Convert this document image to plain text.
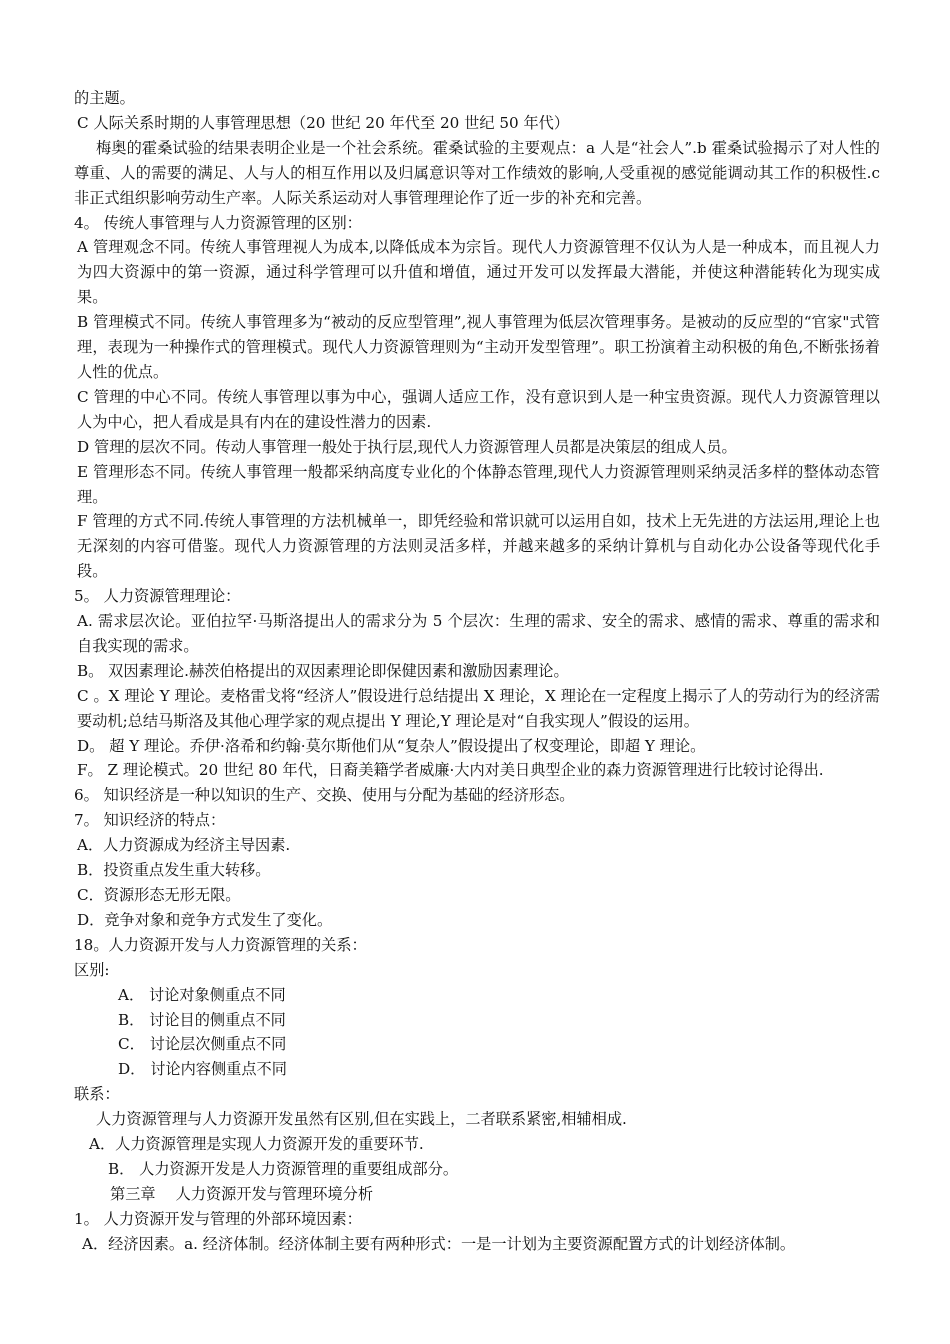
的主题。

C 人际关系时期的人事管理思想（20 世纪 20 年代至 20 世纪 50 年代）

梅奥的霍桑试验的结果表明企业是一个社会系统。霍桑试验的主要观点：a 人是“社会人”.b 霍桑试验揭示了对人性的尊重、人的需要的满足、人与人的相互作用以及归属意识等对工作绩效的影响,人受重视的感觉能调动其工作的积极性.c 非正式组织影响劳动生产率。人际关系运动对人事管理理论作了近一步的补充和完善。

4。 传统人事管理与人力资源管理的区别：

A 管理观念不同。传统人事管理视人为成本,以降低成本为宗旨。现代人力资源管理不仅认为人是一种成本，而且视人力为四大资源中的第一资源，通过科学管理可以升值和增值，通过开发可以发挥最大潜能，并使这种潜能转化为现实成果。

B 管理模式不同。传统人事管理多为“被动的反应型管理”,视人事管理为低层次管理事务。是被动的反应型的“官家"式管理，表现为一种操作式的管理模式。现代人力资源管理则为“主动开发型管理”。职工扮演着主动积极的角色,不断张扬着人性的优点。

C 管理的中心不同。传统人事管理以事为中心，强调人适应工作，没有意识到人是一种宝贵资源。现代人力资源管理以人为中心，把人看成是具有内在的建设性潜力的因素.

D 管理的层次不同。传动人事管理一般处于执行层,现代人力资源管理人员都是决策层的组成人员。

E 管理形态不同。传统人事管理一般都采纳高度专业化的个体静态管理,现代人力资源管理则采纳灵活多样的整体动态管理。

F 管理的方式不同.传统人事管理的方法机械单一，即凭经验和常识就可以运用自如，技术上无先进的方法运用,理论上也无深刻的内容可借鉴。现代人力资源管理的方法则灵活多样，并越来越多的采纳计算机与自动化办公设备等现代化手段。

5。 人力资源管理理论：

A. 需求层次论。亚伯拉罕·马斯洛提出人的需求分为 5 个层次：生理的需求、安全的需求、感情的需求、尊重的需求和自我实现的需求。

B。 双因素理论.赫茨伯格提出的双因素理论即保健因素和激励因素理论。

C 。X 理论 Y 理论。麦格雷戈将“经济人”假设进行总结提出 X 理论，X 理论在一定程度上揭示了人的劳动行为的经济需要动机;总结马斯洛及其他心理学家的观点提出 Y 理论,Y 理论是对“自我实现人”假设的运用。

D。 超 Y 理论。乔伊·洛希和约翰·莫尔斯他们从“复杂人”假设提出了权变理论，即超 Y 理论。

F。 Z 理论模式。20 世纪 80 年代，日裔美籍学者威廉·大内对美日典型企业的森力资源管理进行比较讨论得出.

6。 知识经济是一种以知识的生产、交换、使用与分配为基础的经济形态。

7。 知识经济的特点：

A．人力资源成为经济主导因素.

B．投资重点发生重大转移。

C．资源形态无形无限。

D．竞争对象和竞争方式发生了变化。

18。人力资源开发与人力资源管理的关系：

区别:

A． 讨论对象侧重点不同

B． 讨论目的侧重点不同

C． 讨论层次侧重点不同

D． 讨论内容侧重点不同

联系：

人力资源管理与人力资源开发虽然有区别,但在实践上，二者联系紧密,相辅相成.

A．人力资源管理是实现人力资源开发的重要环节.

B． 人力资源开发是人力资源管理的重要组成部分。

第三章　 人力资源开发与管理环境分析

1。 人力资源开发与管理的外部环境因素：

A．经济因素。a. 经济体制。经济体制主要有两种形式：一是一计划为主要资源配置方式的计划经济体制。
